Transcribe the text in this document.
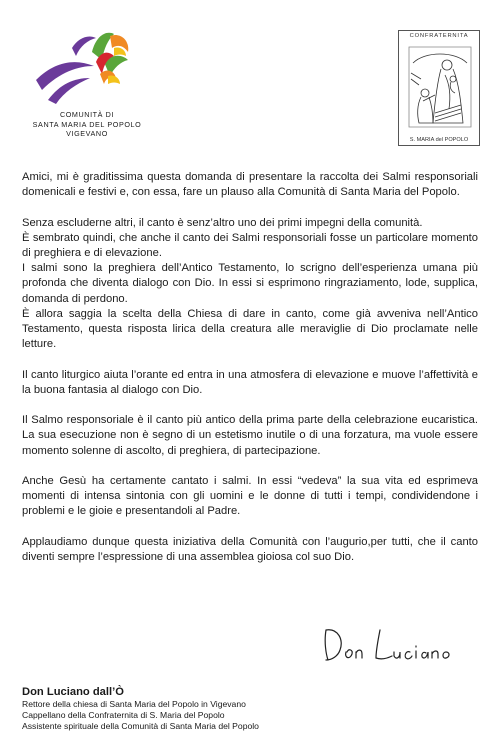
COMUNITÀ DI
SANTA MARIA DEL POPOLO
VIGEVANO
CONFRATERNITA
S. MARIA del POPOLO

Amici, mi è graditissima questa domanda di presentare la raccolta dei Salmi responsoriali domenicali e festivi e, con essa, fare un plauso alla Comunità di Santa Maria del Popolo.

Senza escluderne altri, il canto è senz’altro uno dei primi impegni della comunità.

È sembrato quindi, che anche il canto dei Salmi responsoriali fosse un particolare momento di preghiera e di elevazione.

I salmi sono la preghiera dell’Antico Testamento, lo scrigno dell’esperienza umana più profonda che diventa dialogo con Dio. In essi si esprimono ringraziamento, lode, supplica, domanda di perdono.

È allora saggia la scelta della Chiesa di dare in canto, come già avveniva nell’Antico Testamento, questa risposta lirica della creatura alle meraviglie di Dio proclamate nelle letture.

Il canto liturgico aiuta l’orante ed entra in una atmosfera di elevazione e muove l’affettività e la buona fantasia al dialogo con Dio.

Il Salmo responsoriale è il canto più antico della prima parte della celebrazione eucaristica. La sua esecuzione non è segno di un estetismo inutile o di una forzatura, ma vuole essere momento solenne di ascolto, di preghiera, di partecipazione.

Anche Gesù ha certamente cantato i salmi. In essi “vedeva” la sua vita ed esprimeva momenti di intensa sintonia con gli uomini e le donne di tutti i tempi, condividendone i problemi e le gioie e presentandoli al Padre.

Applaudiamo dunque questa iniziativa della Comunità con l’augurio,per tutti, che il canto diventi sempre l’espressione di una assemblea gioiosa col suo Dio.

Don Luciano dall’Ò
Rettore della chiesa di Santa Maria del Popolo in Vigevano
Cappellano della Confraternita di S. Maria del Popolo
Assistente spirituale della Comunità di Santa Maria del Popolo
